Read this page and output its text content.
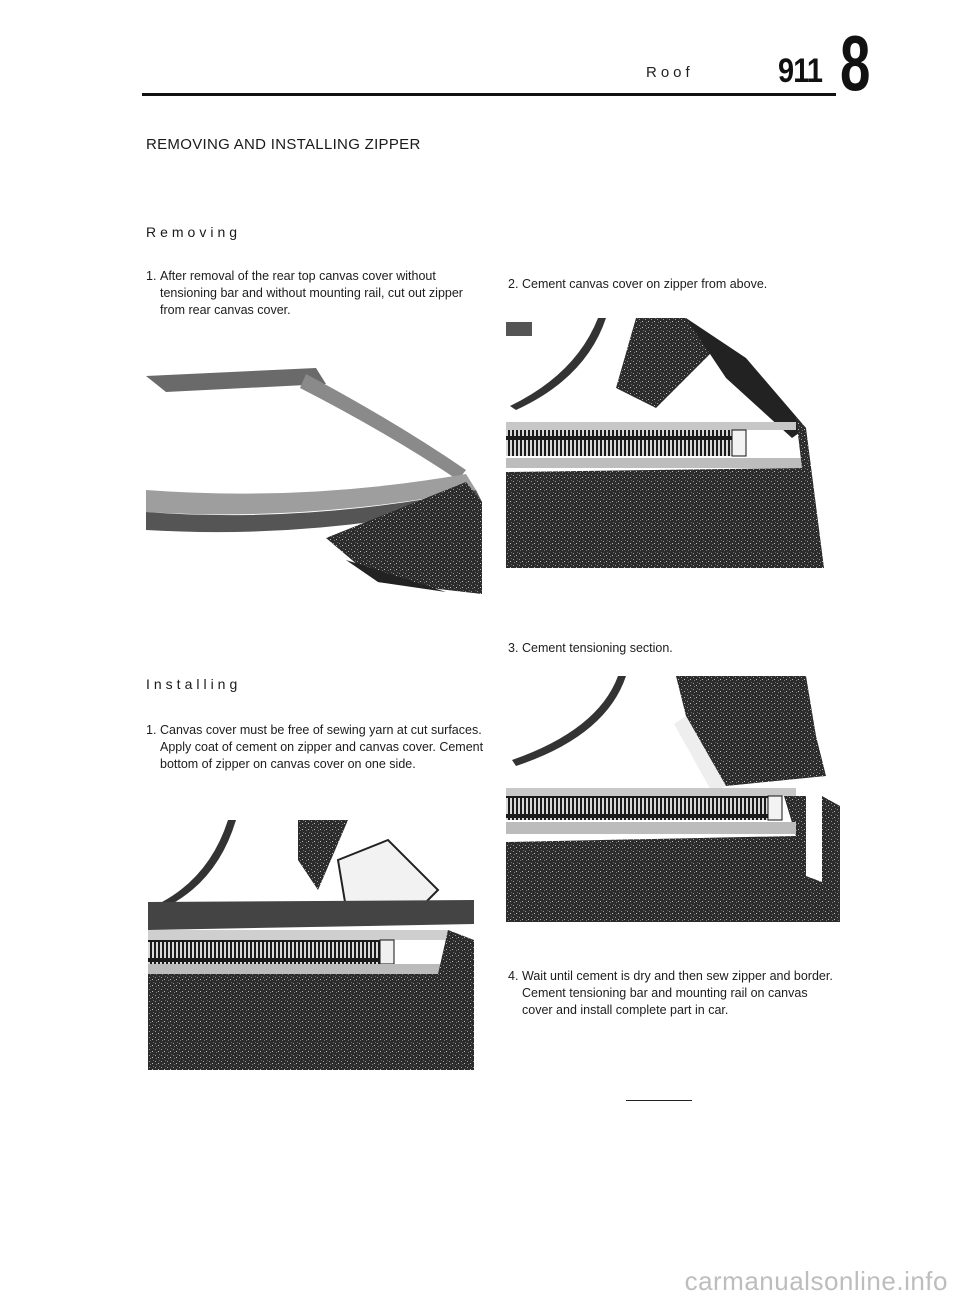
Roof 911 8
REMOVING AND INSTALLING ZIPPER
Removing
1. After removal of the rear top canvas cover without tensioning bar and without mounting rail, cut out zipper from rear canvas cover.
Installing
1. Canvas cover must be free of sewing yarn at cut surfaces. Apply coat of cement on zipper and canvas cover. Cement bottom of zipper on canvas cover on one side.
2. Cement canvas cover on zipper from above.
3. Cement tensioning section.
4. Wait until cement is dry and then sew zipper and border. Cement tensioning bar and mounting rail on canvas cover and install complete part in car.
carmanualsonline.info
